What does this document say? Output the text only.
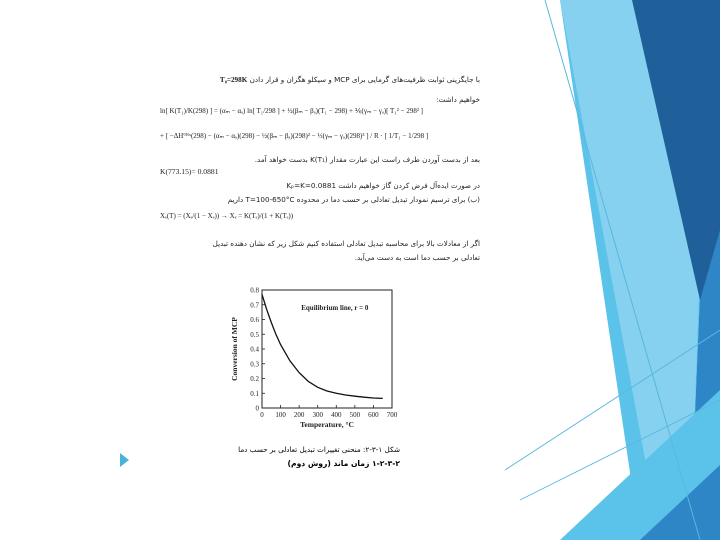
با جایگزینی ثوابت ظرفیت‌های گرمایی برای MCP و سیکلو هگزان و قرار دادن T₀=298K
خواهیم داشت:
ln[ K(T₁)/K(298) ] = (αₘ − αₐ) ln[ T₁/298 ] + ½(βₘ − βₐ)(T₁ − 298) + ⅙(γₘ − γₐ)[ T₁² − 298² ]
+ [ −ΔH°ᴿˣ(298) − (αₘ − αₐ)(298) − ½(βₘ − βₐ)(298)² − ⅓(γₘ − γₐ)(298)³ ] / R · [ 1/T₁ − 1/298 ]
بعد از بدست آوردن طرف راست این عبارت مقدار K(T₁) بدست خواهد آمد.
K(773.15)= 0.0881
در صورت ایده‌آل فرض کردن گاز خواهیم داشت Kₚ=K=0.0881
(ب) برای ترسیم نمودار تبدیل تعادلی بر حسب دما در محدوده T=100-650°C داریم
Xₑ(T) = (Xₑ/(1 − Xₑ)) → Xₑ = K(Tₑ)/(1 + K(Tₑ))
اگر از معادلات بالا برای محاسبه تبدیل تعادلی استفاده کنیم شکل زیر که نشان دهنده تبدیل
تعادلی بر حسب دما است به دست می‌آید.
0
0.1
0.2
0.3
0.4
0.5
0.6
0.7
0.8
0 100 200 300 400 500 600 700
Temperature, °C
Conversion of MCP
Equilibrium line, r = 0
شکل ۱-۳-۲: منحنی تغییرات تبدیل تعادلی بر حسب دما
۱-۲-۳-۲ زمان ماند (روش دوم)
